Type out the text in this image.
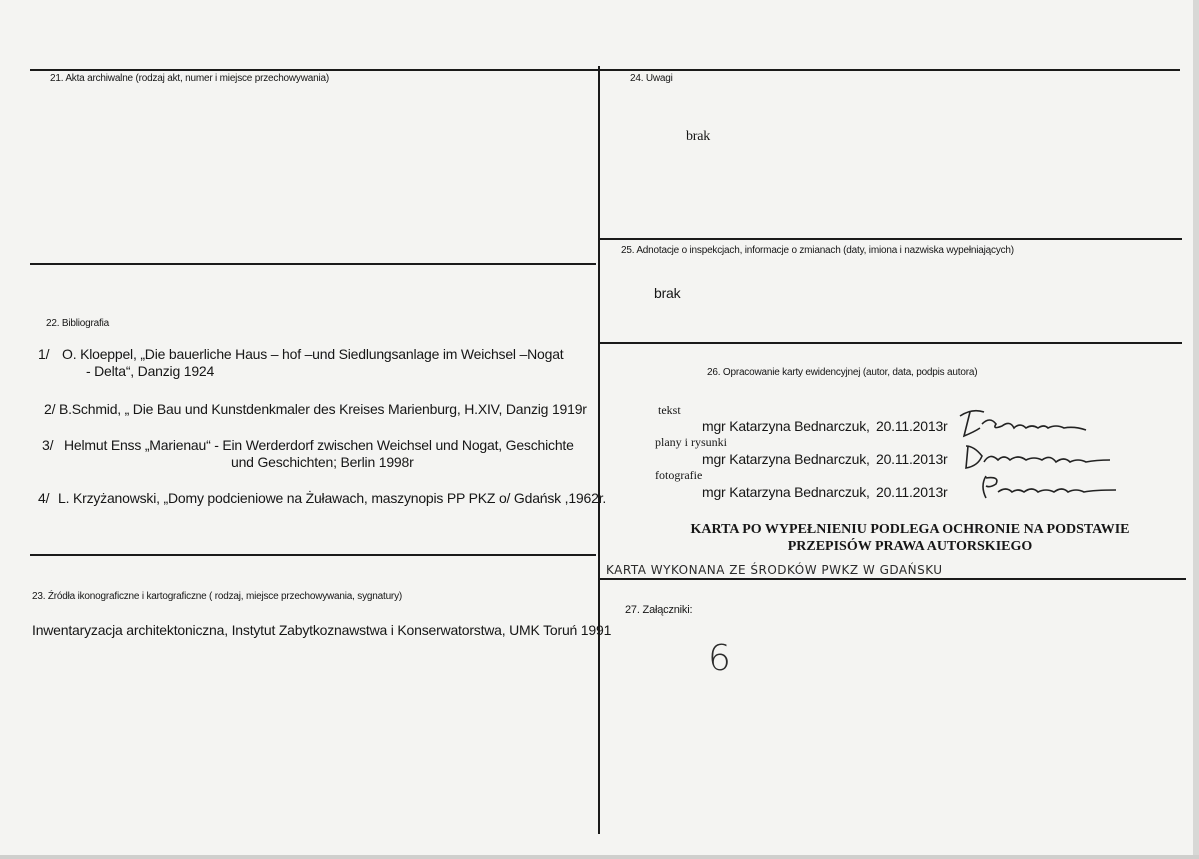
21. Akta archiwalne (rodzaj akt, numer i miejsce przechowywania)
22. Bibliografia
1/ O. Kloeppel, „Die bauerliche Haus – hof –und Siedlungsanlage im Weichsel –Nogat
- Delta“, Danzig 1924
2/ B.Schmid, „ Die Bau und Kunstdenkmaler des Kreises Marienburg, H.XIV, Danzig 1919r
3/ Helmut Enss „Marienau“ - Ein Werderdorf zwischen Weichsel und Nogat, Geschichte
und Geschichten; Berlin 1998r
4/ L. Krzyżanowski, „Domy podcieniowe na Żuławach, maszynopis PP PKZ o/ Gdańsk ,1962r.
23. Źródła ikonograficzne i kartograficzne ( rodzaj, miejsce przechowywania, sygnatury)
Inwentaryzacja architektoniczna, Instytut Zabytkoznawstwa i Konserwatorstwa, UMK Toruń 1991
24. Uwagi
brak
25. Adnotacje o inspekcjach, informacje o zmianach (daty, imiona i nazwiska wypełniających)
brak
26. Opracowanie karty ewidencyjnej (autor, data, podpis autora)
tekst
mgr Katarzyna Bednarczuk, 20.11.2013r
plany i rysunki
mgr Katarzyna Bednarczuk, 20.11.2013r
fotografie
mgr Katarzyna Bednarczuk, 20.11.2013r
KARTA PO WYPEŁNIENIU PODLEGA OCHRONIE NA PODSTAWIE
PRZEPISÓW PRAWA AUTORSKIEGO
KARTA WYKONANA ZE ŚRODKÓW PWKZ W GDAŃSKU
27. Załączniki:
6
